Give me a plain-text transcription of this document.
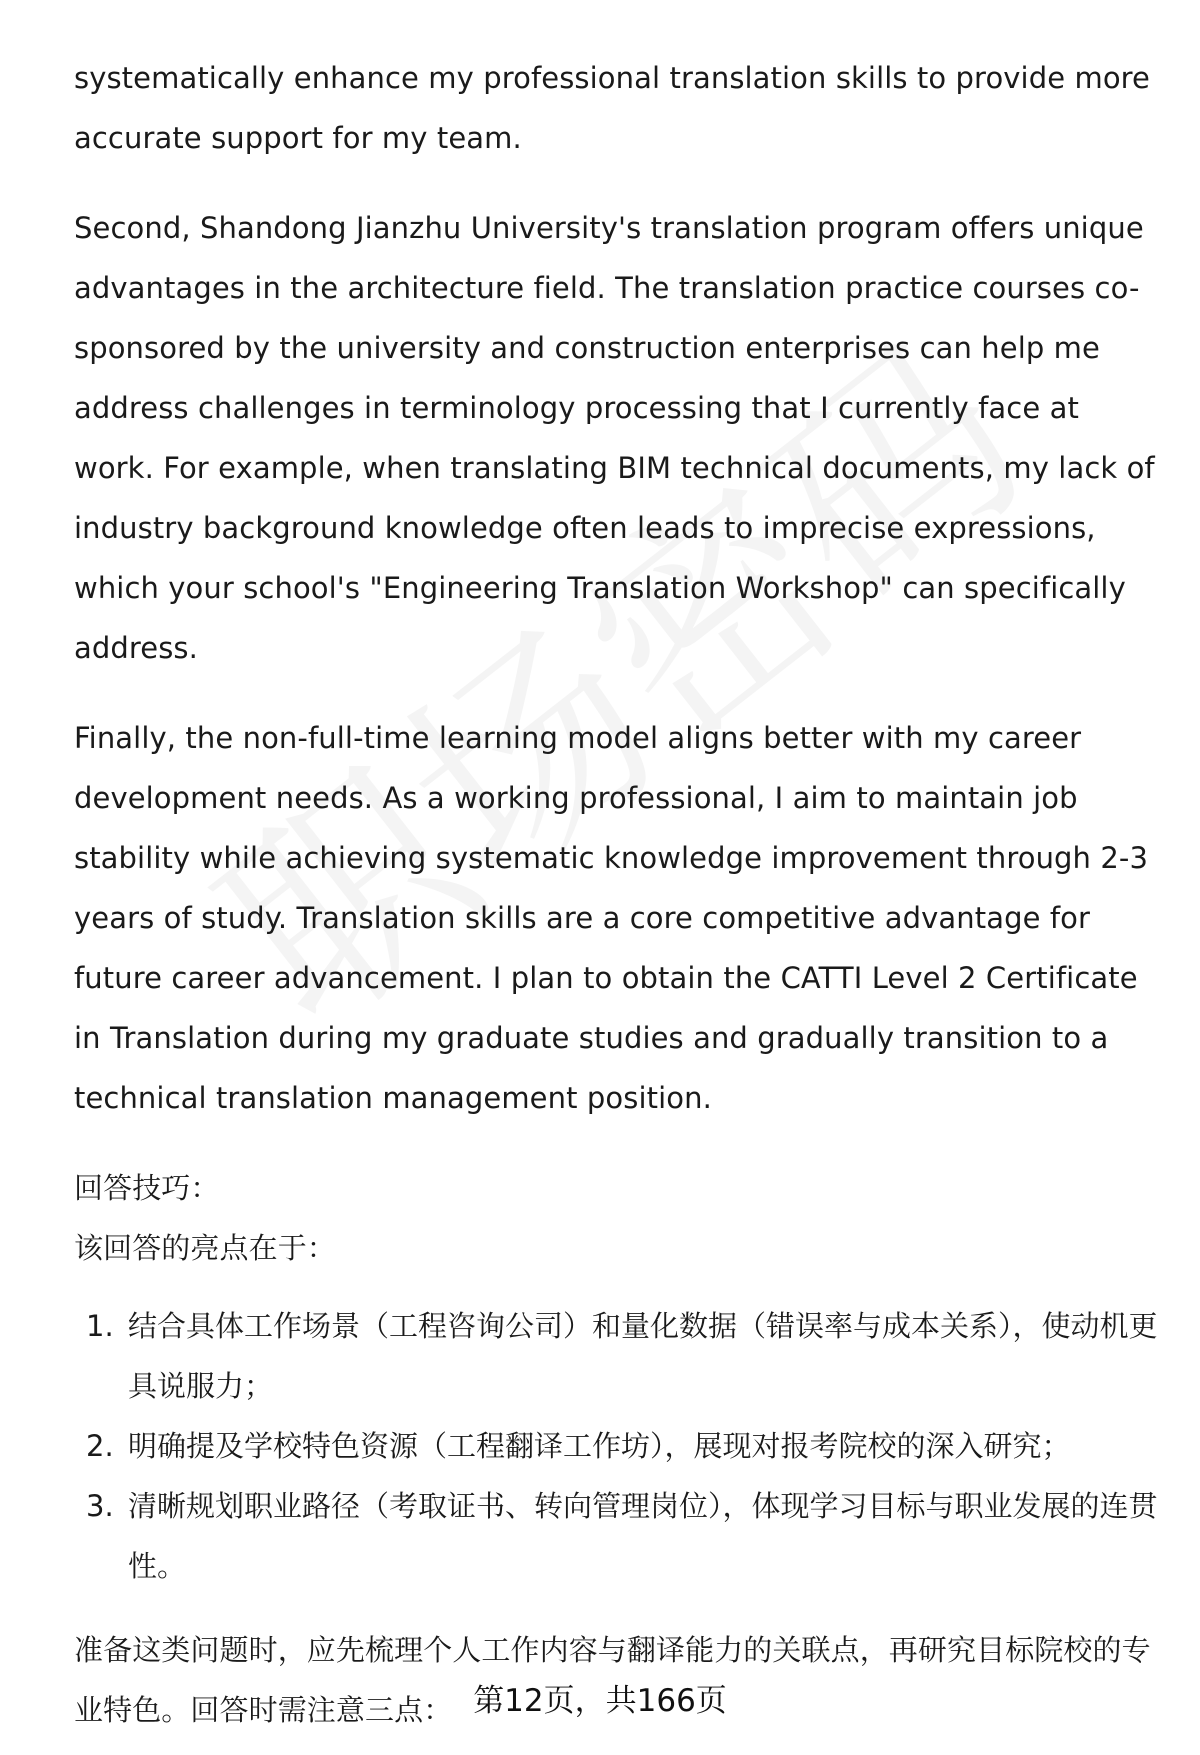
systematically enhance my professional translation skills to provide more accurate support for my team.

Second, Shandong Jianzhu University's translation program offers unique advantages in the architecture field. The translation practice courses co-sponsored by the university and construction enterprises can help me address challenges in terminology processing that I currently face at work. For example, when translating BIM technical documents, my lack of industry background knowledge often leads to imprecise expressions, which your school's "Engineering Translation Workshop" can specifically address.

Finally, the non-full-time learning model aligns better with my career development needs. As a working professional, I aim to maintain job stability while achieving systematic knowledge improvement through 2-3 years of study. Translation skills are a core competitive advantage for future career advancement. I plan to obtain the CATTI Level 2 Certificate in Translation during my graduate studies and gradually transition to a technical translation management position.

回答技巧：

该回答的亮点在于：

1. 结合具体工作场景（工程咨询公司）和量化数据（错误率与成本关系），使动机更具说服力；
2. 明确提及学校特色资源（工程翻译工作坊），展现对报考院校的深入研究；
3. 清晰规划职业路径（考取证书、转向管理岗位），体现学习目标与职业发展的连贯性。

准备这类问题时，应先梳理个人工作内容与翻译能力的关联点，再研究目标院校的专业特色。回答时需注意三点： 第12页，共166页
